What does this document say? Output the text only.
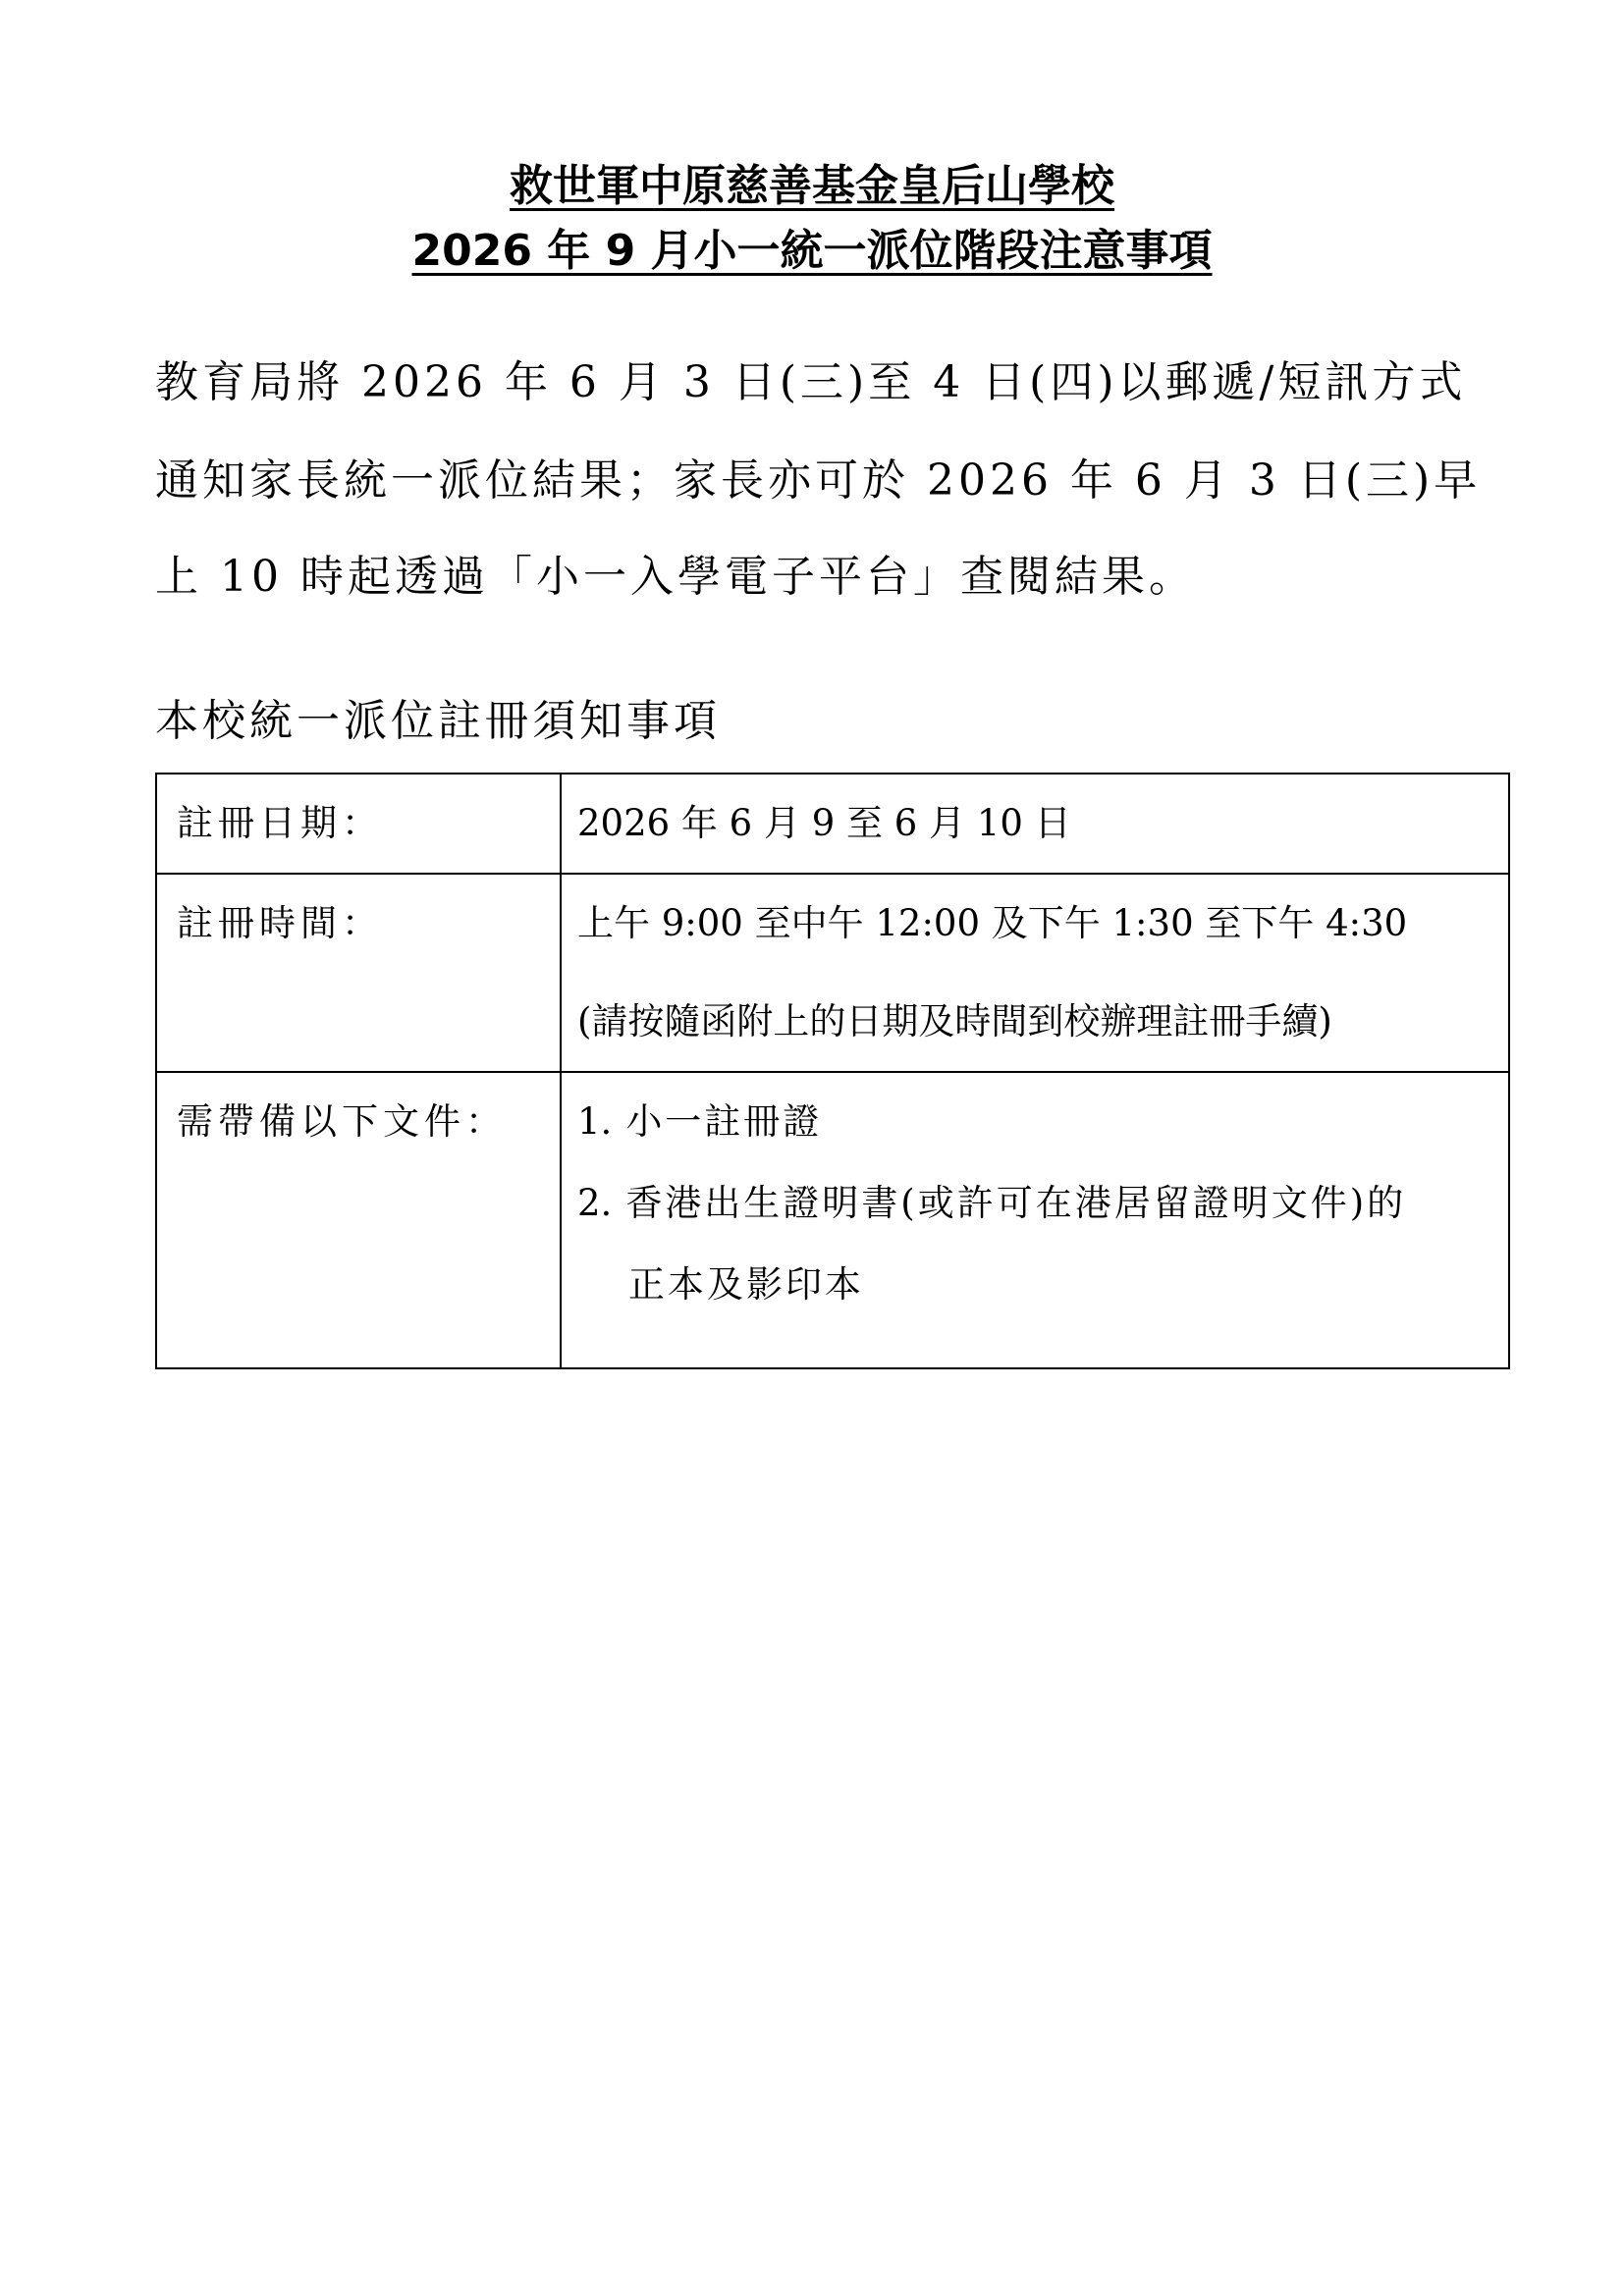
救世軍中原慈善基金皇后山學校
2026 年 9 月小一統一派位階段注意事項
教育局將 2026 年 6 月 3 日(三)至 4 日(四)以郵遞/短訊方式
通知家長統一派位結果；家長亦可於 2026 年 6 月 3 日(三)早
上 10 時起透過「小一入學電子平台」查閱結果。
本校統一派位註冊須知事項
註冊日期：	2026 年 6 月 9 至 6 月 10 日

註冊時間：	上午 9:00 至中午 12:00 及下午 1:30 至下午 4:30
(請按隨函附上的日期及時間到校辦理註冊手續)

需帶備以下文件：	1. 小一註冊證
2. 香港出生證明書(或許可在港居留證明文件)的
正本及影印本
